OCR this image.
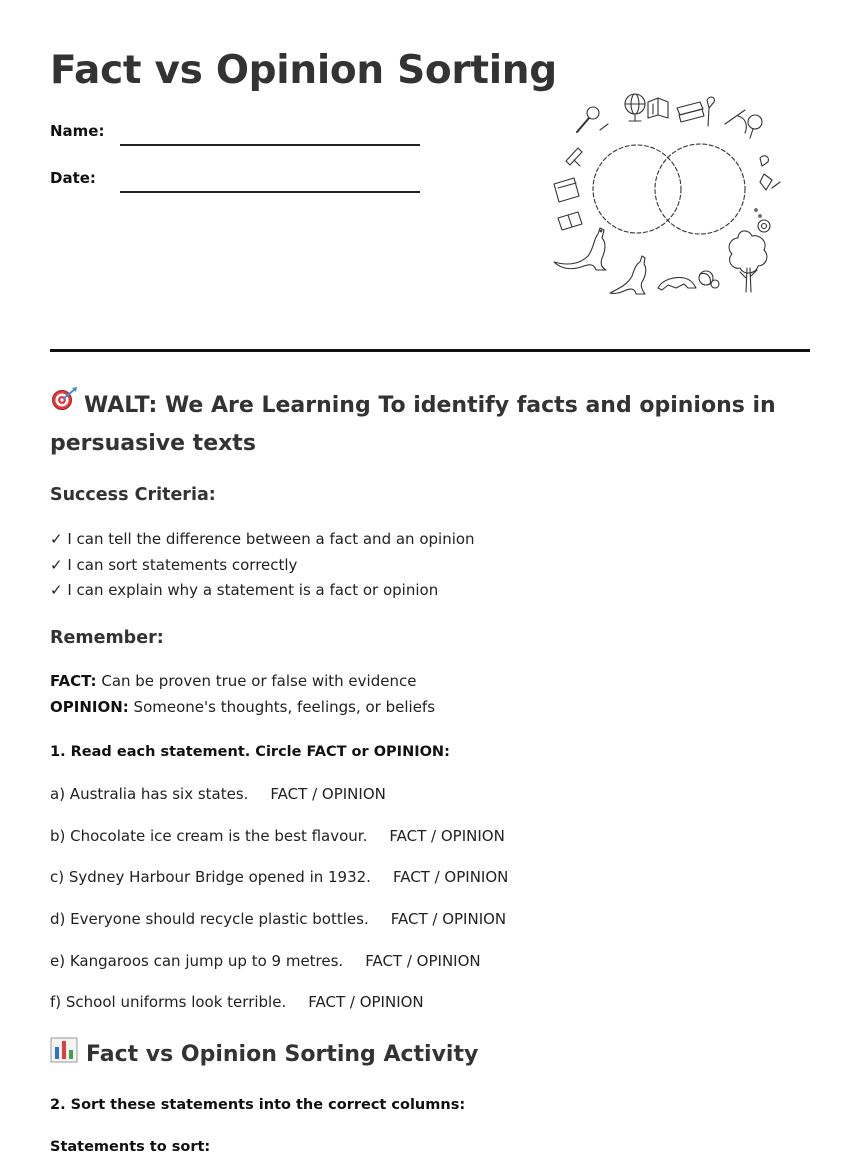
Fact vs Opinion Sorting
Name:
Date:
WALT: We Are Learning To identify facts and opinions in persuasive texts
Success Criteria:
✓ I can tell the difference between a fact and an opinion
✓ I can sort statements correctly
✓ I can explain why a statement is a fact or opinion
Remember:
FACT: Can be proven true or false with evidence
OPINION: Someone's thoughts, feelings, or beliefs
1. Read each statement. Circle FACT or OPINION:
a) Australia has six states. FACT / OPINION
b) Chocolate ice cream is the best flavour. FACT / OPINION
c) Sydney Harbour Bridge opened in 1932. FACT / OPINION
d) Everyone should recycle plastic bottles. FACT / OPINION
e) Kangaroos can jump up to 9 metres. FACT / OPINION
f) School uniforms look terrible. FACT / OPINION
Fact vs Opinion Sorting Activity
2. Sort these statements into the correct columns:
Statements to sort:
